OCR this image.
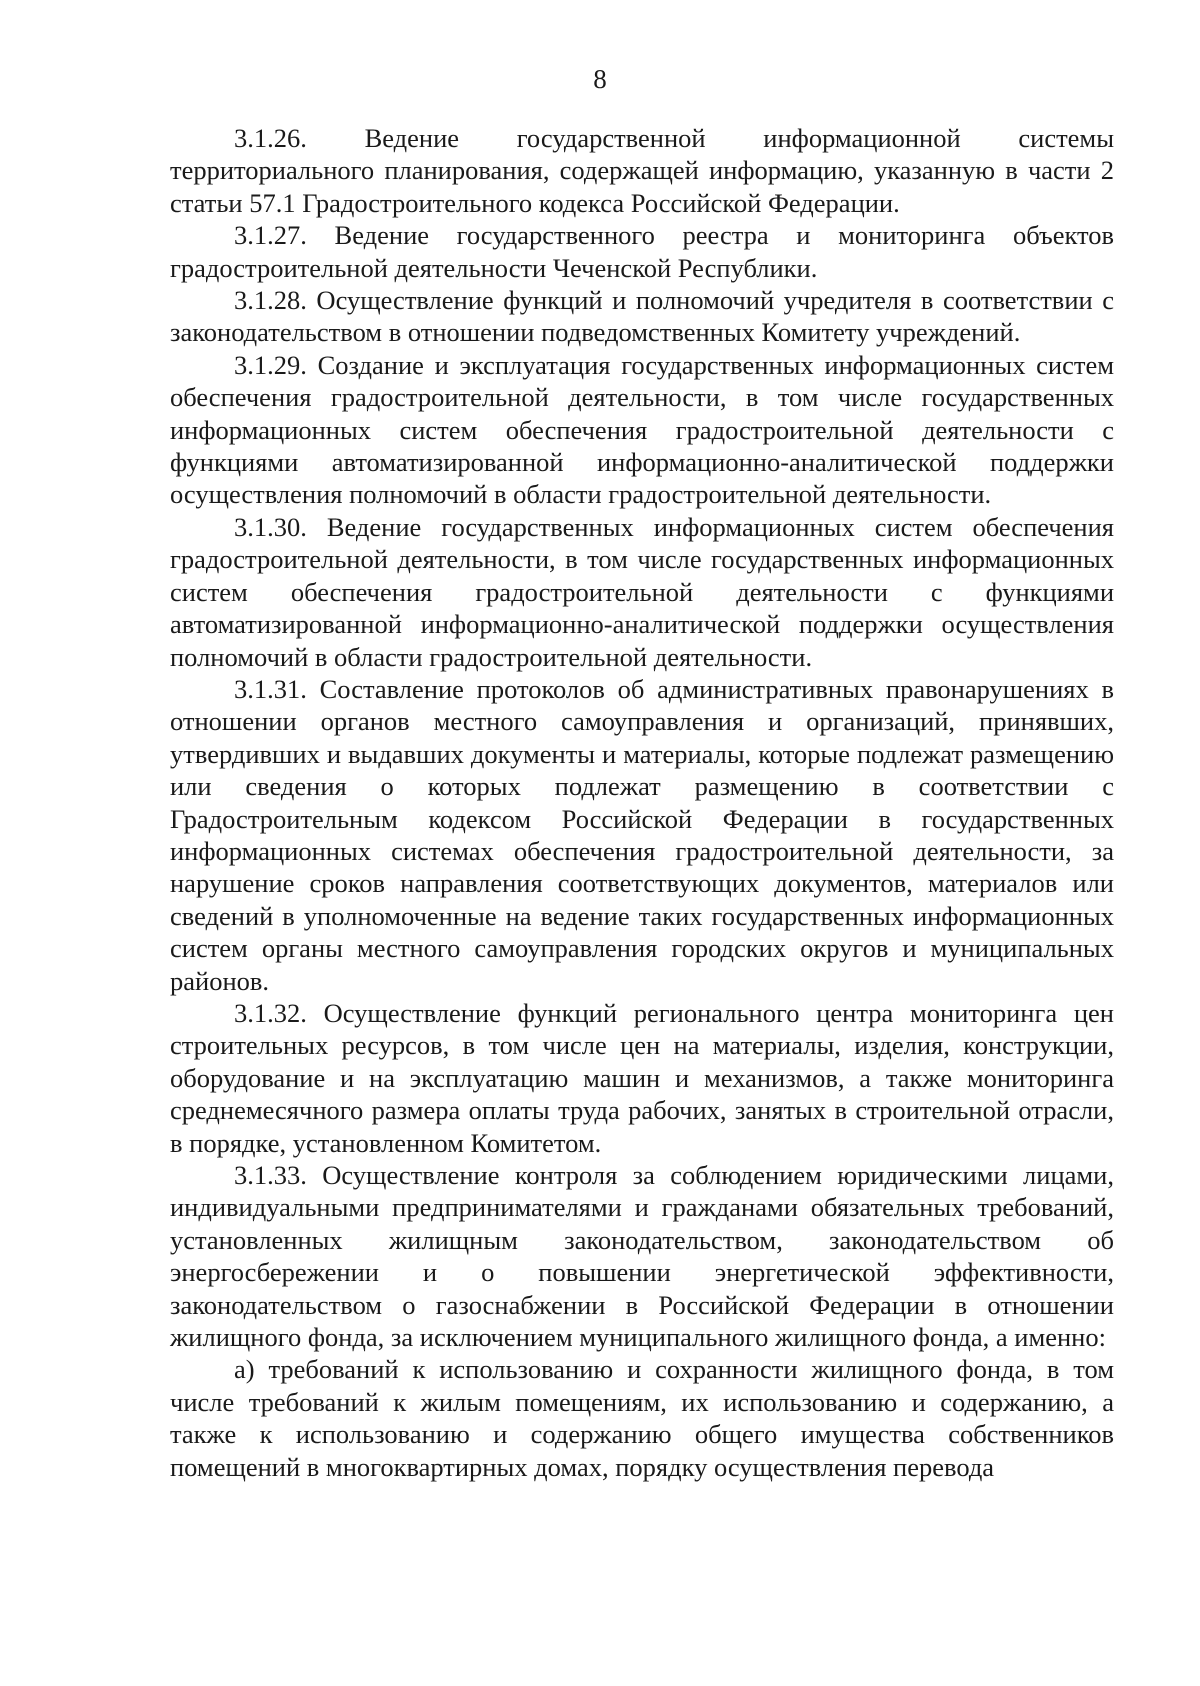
8

3.1.26. Ведение государственной информационной системы территориального планирования, содержащей информацию, указанную в части 2 статьи 57.1 Градостроительного кодекса Российской Федерации.

3.1.27. Ведение государственного реестра и мониторинга объектов градостроительной деятельности Чеченской Республики.

3.1.28. Осуществление функций и полномочий учредителя в соответствии с законодательством в отношении подведомственных Комитету учреждений.

3.1.29. Создание и эксплуатация государственных информационных систем обеспечения градостроительной деятельности, в том числе государственных информационных систем обеспечения градостроительной деятельности с функциями автоматизированной информационно-аналитической поддержки осуществления полномочий в области градостроительной деятельности.

3.1.30. Ведение государственных информационных систем обеспечения градостроительной деятельности, в том числе государственных информационных систем обеспечения градостроительной деятельности с функциями автоматизированной информационно-аналитической поддержки осуществления полномочий в области градостроительной деятельности.

3.1.31. Составление протоколов об административных правонарушениях в отношении органов местного самоуправления и организаций, принявших, утвердивших и выдавших документы и материалы, которые подлежат размещению или сведения о которых подлежат размещению в соответствии с Градостроительным кодексом Российской Федерации в государственных информационных системах обеспечения градостроительной деятельности, за нарушение сроков направления соответствующих документов, материалов или сведений в уполномоченные на ведение таких государственных информационных систем органы местного самоуправления городских округов и муниципальных районов.

3.1.32. Осуществление функций регионального центра мониторинга цен строительных ресурсов, в том числе цен на материалы, изделия, конструкции, оборудование и на эксплуатацию машин и механизмов, а также мониторинга среднемесячного размера оплаты труда рабочих, занятых в строительной отрасли, в порядке, установленном Комитетом.

3.1.33. Осуществление контроля за соблюдением юридическими лицами, индивидуальными предпринимателями и гражданами обязательных требований, установленных жилищным законодательством, законодательством об энергосбережении и о повышении энергетической эффективности, законодательством о газоснабжении в Российской Федерации в отношении жилищного фонда, за исключением муниципального жилищного фонда, а именно:

а) требований к использованию и сохранности жилищного фонда, в том числе требований к жилым помещениям, их использованию и содержанию, а также к использованию и содержанию общего имущества собственников помещений в многоквартирных домах, порядку осуществления перевода
